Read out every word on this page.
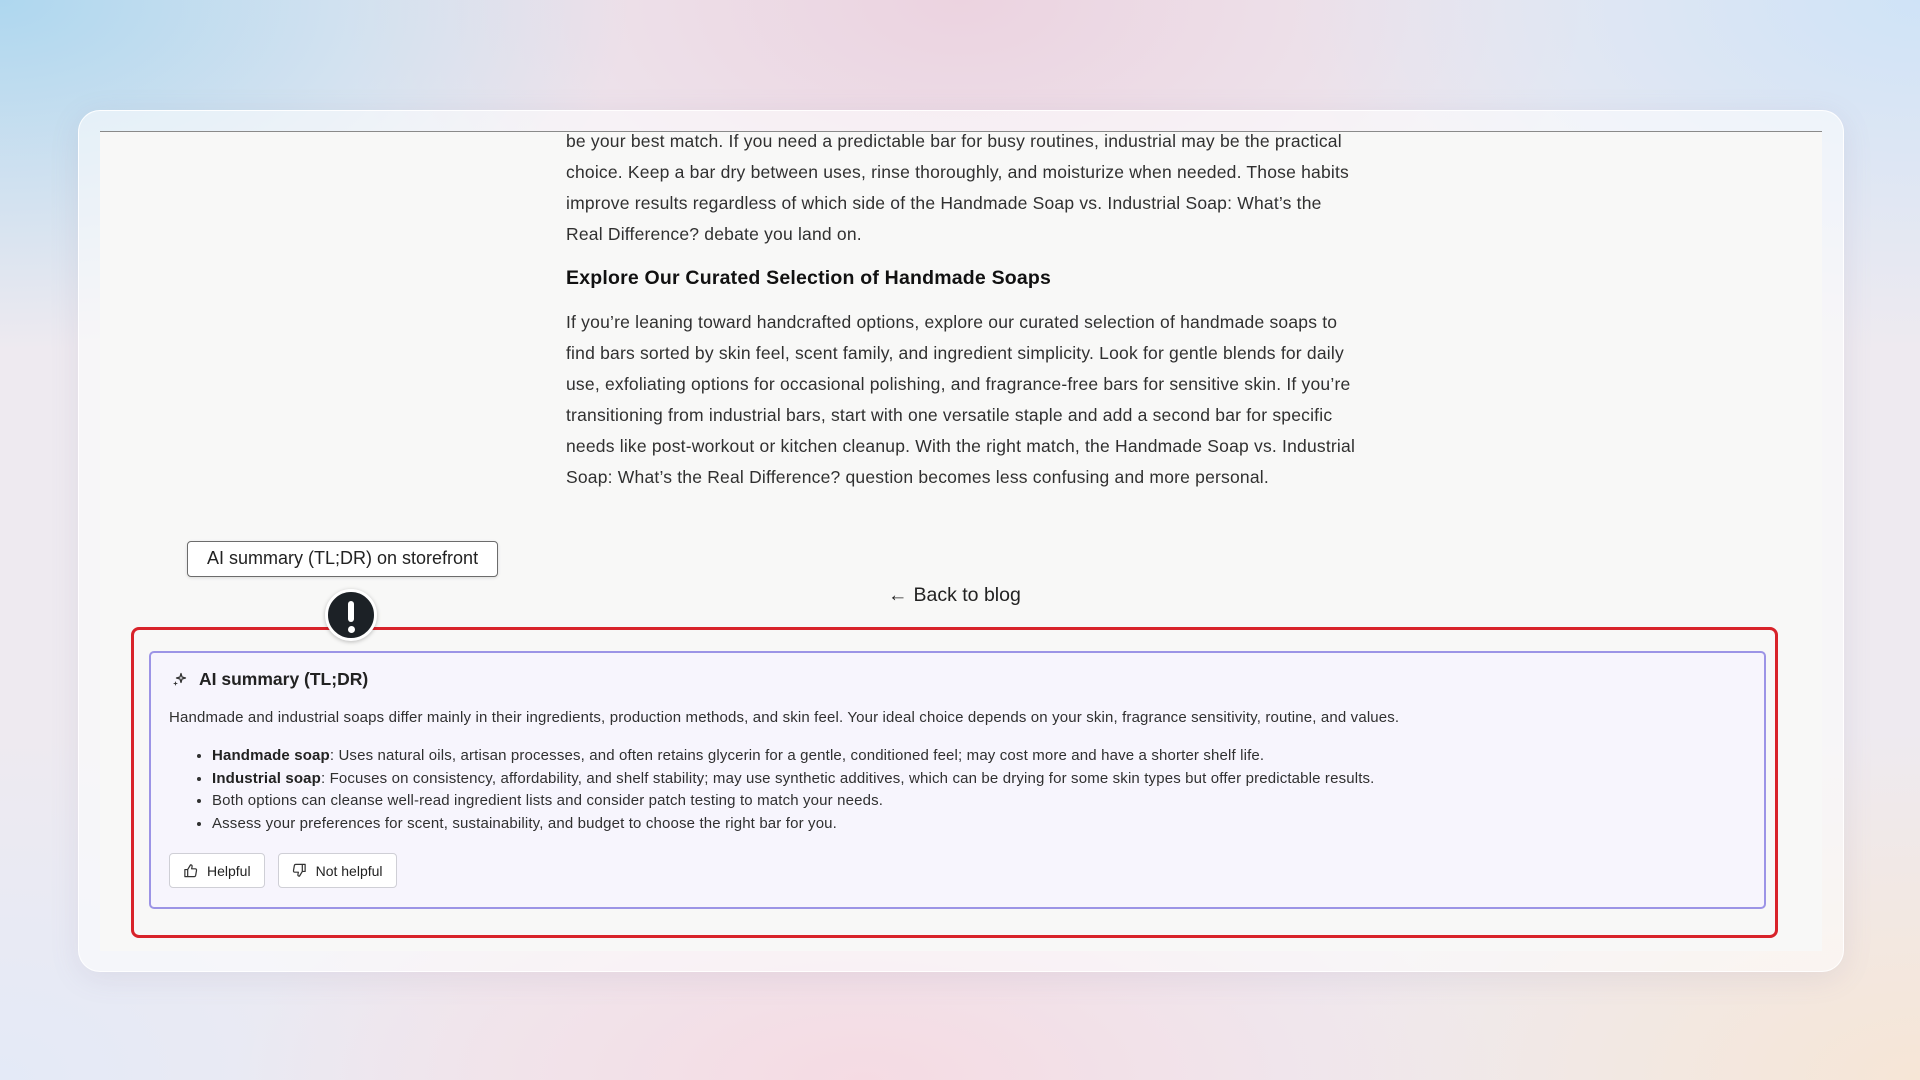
be your best match. If you need a predictable bar for busy routines, industrial may be the practical choice. Keep a bar dry between uses, rinse thoroughly, and moisturize when needed. Those habits improve results regardless of which side of the Handmade Soap vs. Industrial Soap: What’s the Real Difference? debate you land on.

Explore Our Curated Selection of Handmade Soaps

If you’re leaning toward handcrafted options, explore our curated selection of handmade soaps to find bars sorted by skin feel, scent family, and ingredient simplicity. Look for gentle blends for daily use, exfoliating options for occasional polishing, and fragrance-free bars for sensitive skin. If you’re transitioning from industrial bars, start with one versatile staple and add a second bar for specific needs like post-workout or kitchen cleanup. With the right match, the Handmade Soap vs. Industrial Soap: What’s the Real Difference? question becomes less confusing and more personal.

← Back to blog
AI summary (TL;DR) on storefront
AI summary (TL;DR)

Handmade and industrial soaps differ mainly in their ingredients, production methods, and skin feel. Your ideal choice depends on your skin, fragrance sensitivity, routine, and values.

• Handmade soap: Uses natural oils, artisan processes, and often retains glycerin for a gentle, conditioned feel; may cost more and have a shorter shelf life.
• Industrial soap: Focuses on consistency, affordability, and shelf stability; may use synthetic additives, which can be drying for some skin types but offer predictable results.
• Both options can cleanse well-read ingredient lists and consider patch testing to match your needs.
• Assess your preferences for scent, sustainability, and budget to choose the right bar for you.
Helpful	Not helpful
